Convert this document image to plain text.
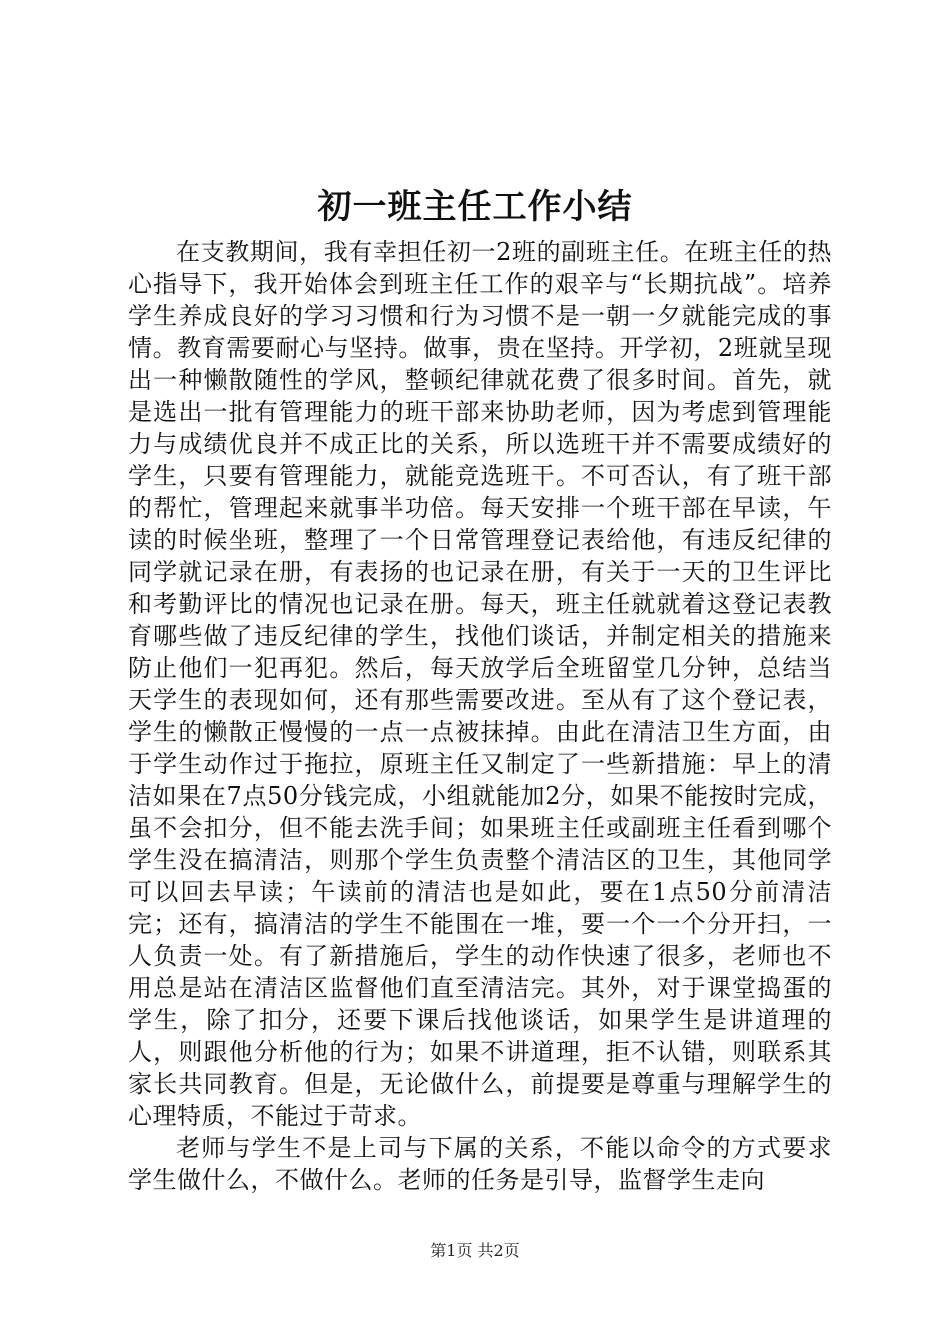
初一班主任工作小结

在支教期间，我有幸担任初一2班的副班主任。在班主任的热心指导下，我开始体会到班主任工作的艰辛与“长期抗战”。培养学生养成良好的学习习惯和行为习惯不是一朝一夕就能完成的事情。教育需要耐心与坚持。做事，贵在坚持。开学初，2班就呈现出一种懒散随性的学风，整顿纪律就花费了很多时间。首先，就是选出一批有管理能力的班干部来协助老师，因为考虑到管理能力与成绩优良并不成正比的关系，所以选班干并不需要成绩好的学生，只要有管理能力，就能竞选班干。不可否认，有了班干部的帮忙，管理起来就事半功倍。每天安排一个班干部在早读，午读的时候坐班，整理了一个日常管理登记表给他，有违反纪律的同学就记录在册，有表扬的也记录在册，有关于一天的卫生评比和考勤评比的情况也记录在册。每天，班主任就就着这登记表教育哪些做了违反纪律的学生，找他们谈话，并制定相关的措施来防止他们一犯再犯。然后，每天放学后全班留堂几分钟，总结当天学生的表现如何，还有那些需要改进。至从有了这个登记表，学生的懒散正慢慢的一点一点被抹掉。由此在清洁卫生方面，由于学生动作过于拖拉，原班主任又制定了一些新措施：早上的清洁如果在7点50分钱完成，小组就能加2分，如果不能按时完成，虽不会扣分，但不能去洗手间；如果班主任或副班主任看到哪个学生没在搞清洁，则那个学生负责整个清洁区的卫生，其他同学可以回去早读；午读前的清洁也是如此，要在1点50分前清洁完；还有，搞清洁的学生不能围在一堆，要一个一个分开扫，一人负责一处。有了新措施后，学生的动作快速了很多，老师也不用总是站在清洁区监督他们直至清洁完。其外，对于课堂捣蛋的学生，除了扣分，还要下课后找他谈话，如果学生是讲道理的人，则跟他分析他的行为；如果不讲道理，拒不认错，则联系其家长共同教育。但是，无论做什么，前提要是尊重与理解学生的心理特质，不能过于苛求。

老师与学生不是上司与下属的关系，不能以命令的方式要求学生做什么，不做什么。老师的任务是引导，监督学生走向

第1页 共2页
